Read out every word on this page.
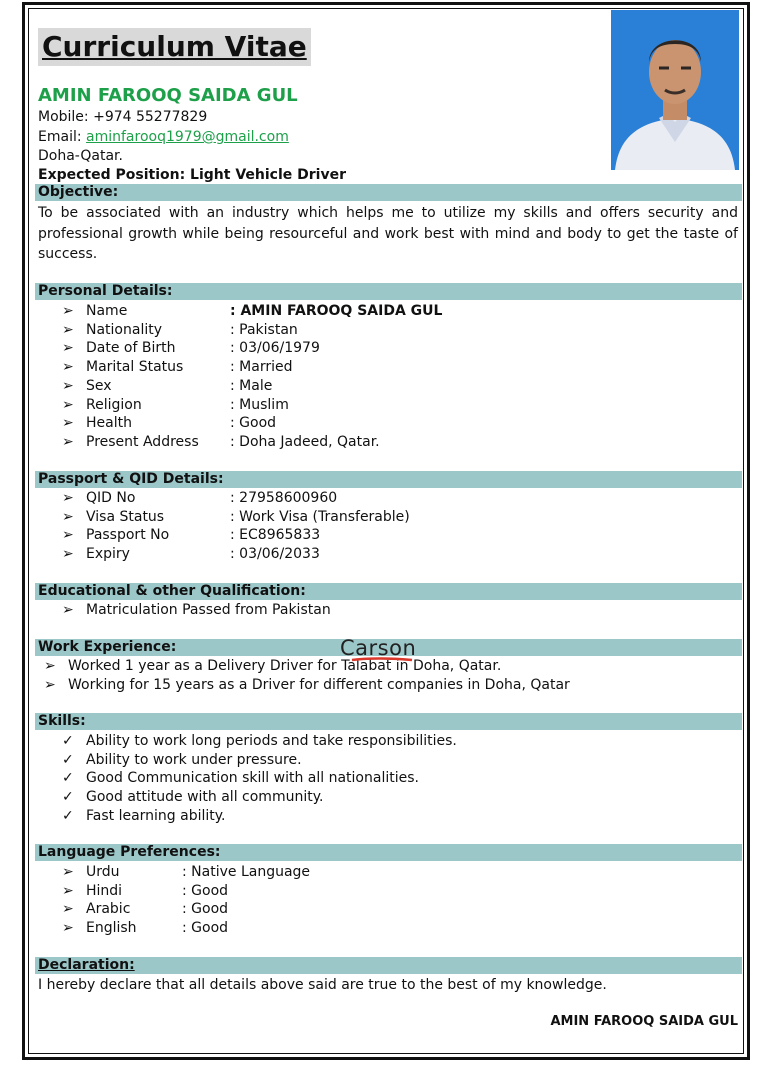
Curriculum Vitae
AMIN FAROOQ SAIDA GUL
Mobile: +974 55277829
Email: aminfarooq1979@gmail.com
Doha-Qatar.
Expected Position: Light Vehicle Driver
Objective:
To be associated with an industry which helps me to utilize my skills and offers security and professional growth while being resourceful and work best with mind and body to get the taste of success.
Personal Details:
➢ Name	: AMIN FAROOQ SAIDA GUL
➢ Nationality	: Pakistan
➢ Date of Birth	: 03/06/1979
➢ Marital Status	: Married
➢ Sex	: Male
➢ Religion	: Muslim
➢ Health	: Good
➢ Present Address : Doha Jadeed, Qatar.
Passport & QID Details:
➢ QID No	: 27958600960
➢ Visa Status	: Work Visa (Transferable)
➢ Passport No	: EC8965833
➢ Expiry	: 03/06/2033
Educational & other Qualification:
➢ Matriculation Passed from Pakistan
Work Experience:
➢ Worked 1 year as a Delivery Driver for Talabat in Doha, Qatar.
➢ Working for 15 years as a Driver for different companies in Doha, Qatar
Carson
Skills:
✓ Ability to work long periods and take responsibilities.
✓ Ability to work under pressure.
✓ Good Communication skill with all nationalities.
✓ Good attitude with all community.
✓ Fast learning ability.
Language Preferences:
➢ Urdu	: Native Language
➢ Hindi	: Good
➢ Arabic	: Good
➢ English	: Good
Declaration:
I hereby declare that all details above said are true to the best of my knowledge.
AMIN FAROOQ SAIDA GUL
